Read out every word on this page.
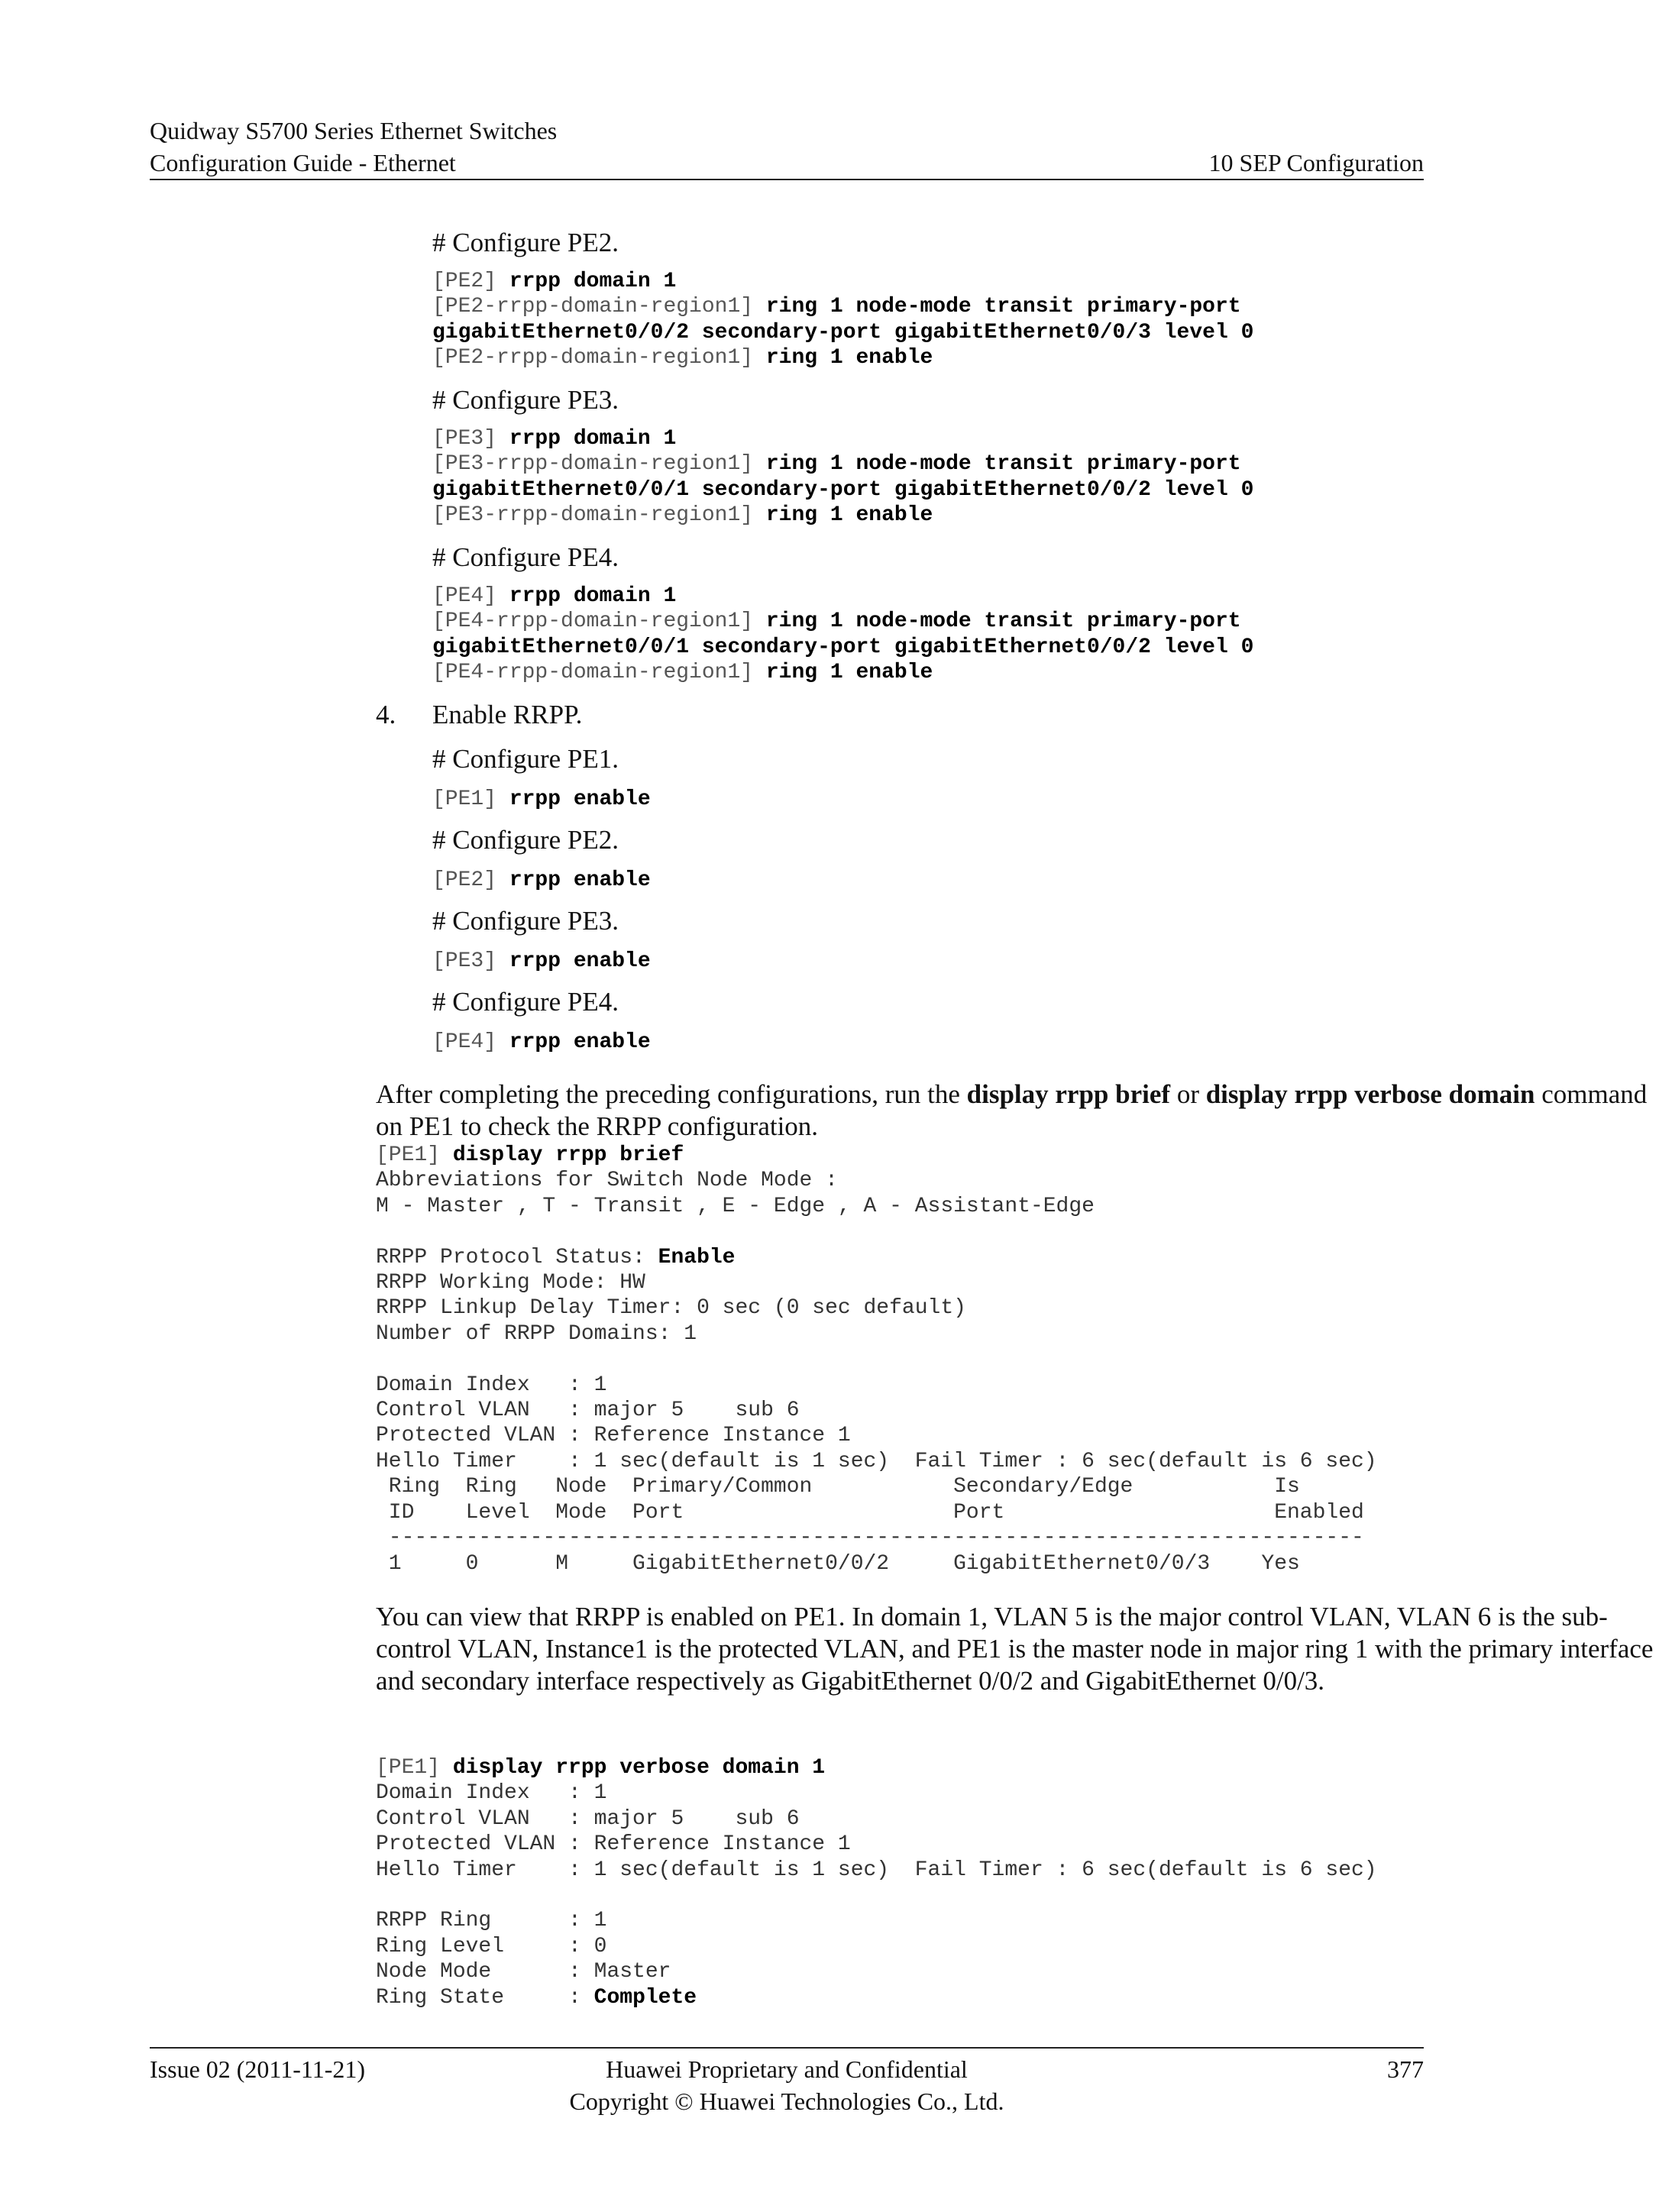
Quidway S5700 Series Ethernet Switches
Configuration Guide - Ethernet	10 SEP Configuration
# Configure PE2.
[PE2] rrpp domain 1
[PE2-rrpp-domain-region1] ring 1 node-mode transit primary-port
gigabitEthernet0/0/2 secondary-port gigabitEthernet0/0/3 level 0
[PE2-rrpp-domain-region1] ring 1 enable
# Configure PE3.
[PE3] rrpp domain 1
[PE3-rrpp-domain-region1] ring 1 node-mode transit primary-port
gigabitEthernet0/0/1 secondary-port gigabitEthernet0/0/2 level 0
[PE3-rrpp-domain-region1] ring 1 enable
# Configure PE4.
[PE4] rrpp domain 1
[PE4-rrpp-domain-region1] ring 1 node-mode transit primary-port
gigabitEthernet0/0/1 secondary-port gigabitEthernet0/0/2 level 0
[PE4-rrpp-domain-region1] ring 1 enable
4. Enable RRPP.
# Configure PE1.
[PE1] rrpp enable
# Configure PE2.
[PE2] rrpp enable
# Configure PE3.
[PE3] rrpp enable
# Configure PE4.
[PE4] rrpp enable
After completing the preceding configurations, run the display rrpp brief or display rrpp verbose domain command on PE1 to check the RRPP configuration.
[PE1] display rrpp brief
Abbreviations for Switch Node Mode :
M - Master , T - Transit , E - Edge , A - Assistant-Edge

RRPP Protocol Status: Enable
RRPP Working Mode: HW
RRPP Linkup Delay Timer: 0 sec (0 sec default)
Number of RRPP Domains: 1

Domain Index   : 1
Control VLAN   : major 5    sub 6
Protected VLAN : Reference Instance 1
Hello Timer    : 1 sec(default is 1 sec)  Fail Timer : 6 sec(default is 6 sec)
Ring  Ring   Node  Primary/Common           Secondary/Edge           Is
ID    Level  Mode  Port                     Port                     Enabled
----------------------------------------------------------------------------
1     0      M     GigabitEthernet0/0/2     GigabitEthernet0/0/3    Yes
You can view that RRPP is enabled on PE1. In domain 1, VLAN 5 is the major control VLAN, VLAN 6 is the sub-control VLAN, Instance1 is the protected VLAN, and PE1 is the master node in major ring 1 with the primary interface and secondary interface respectively as GigabitEthernet 0/0/2 and GigabitEthernet 0/0/3.
[PE1] display rrpp verbose domain 1
Domain Index   : 1
Control VLAN   : major 5    sub 6
Protected VLAN : Reference Instance 1
Hello Timer    : 1 sec(default is 1 sec)  Fail Timer : 6 sec(default is 6 sec)

RRPP Ring      : 1
Ring Level     : 0
Node Mode      : Master
Ring State     : Complete
Issue 02 (2011-11-21)	Huawei Proprietary and Confidential
Copyright © Huawei Technologies Co., Ltd.
377
